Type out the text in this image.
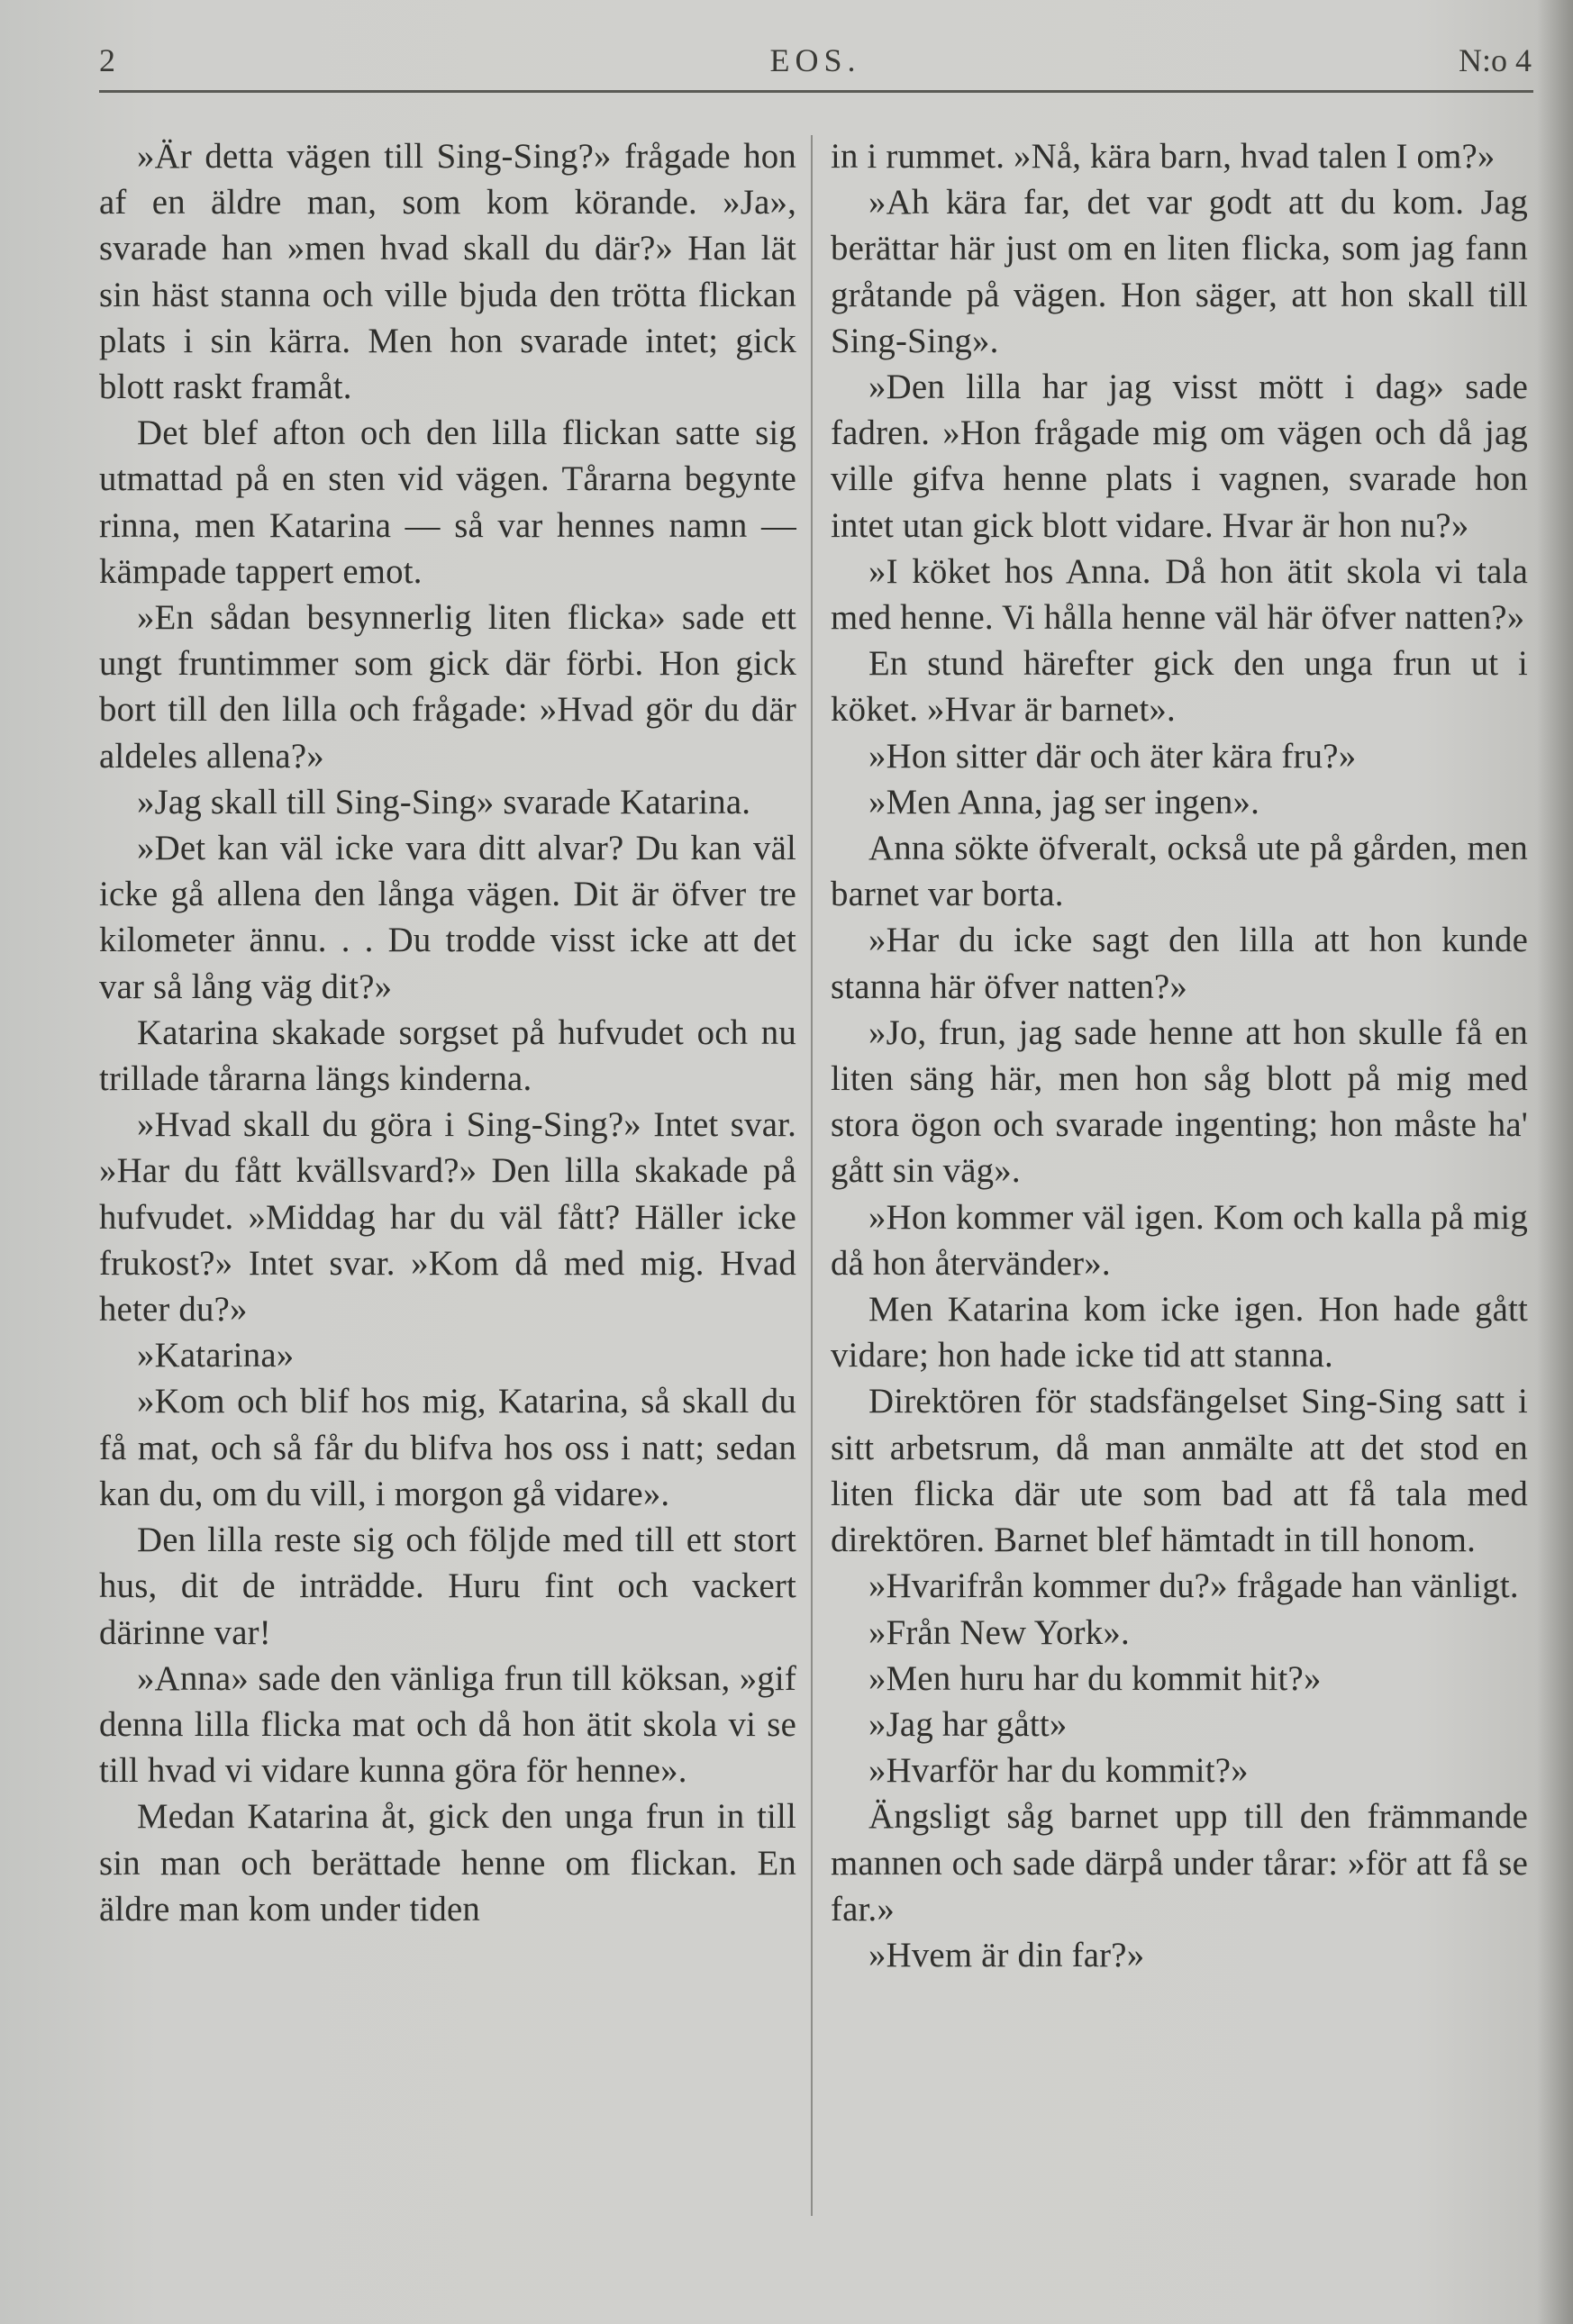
2	EOS.	N:o 4

»Är detta vägen till Sing-Sing?» frågade hon af en äldre man, som kom körande. »Ja», svarade han »men hvad skall du där?» Han lät sin häst stanna och ville bjuda den trötta flickan plats i sin kärra. Men hon svarade intet; gick blott raskt framåt.

Det blef afton och den lilla flickan satte sig utmattad på en sten vid vägen. Tårarna begynte rinna, men Katarina — så var hennes namn — kämpade tappert emot.

»En sådan besynnerlig liten flicka» sade ett ungt fruntimmer som gick där förbi. Hon gick bort till den lilla och frågade: »Hvad gör du där aldeles allena?»

»Jag skall till Sing-Sing» svarade Katarina.

»Det kan väl icke vara ditt alvar? Du kan väl icke gå allena den långa vägen. Dit är öfver tre kilometer ännu. . . Du trodde visst icke att det var så lång väg dit?»

Katarina skakade sorgset på hufvudet och nu trillade tårarna längs kinderna.

»Hvad skall du göra i Sing-Sing?» Intet svar. »Har du fått kvällsvard?» Den lilla skakade på hufvudet. »Middag har du väl fått? Häller icke frukost?» Intet svar. »Kom då med mig. Hvad heter du?»

»Katarina»

»Kom och blif hos mig, Katarina, så skall du få mat, och så får du blifva hos oss i natt; sedan kan du, om du vill, i morgon gå vidare».

Den lilla reste sig och följde med till ett stort hus, dit de inträdde. Huru fint och vackert därinne var!

»Anna» sade den vänliga frun till köksan, »gif denna lilla flicka mat och då hon ätit skola vi se till hvad vi vidare kunna göra för henne».

Medan Katarina åt, gick den unga frun in till sin man och berättade henne om flickan. En äldre man kom under tiden

in i rummet. »Nå, kära barn, hvad talen I om?»

»Ah kära far, det var godt att du kom. Jag berättar här just om en liten flicka, som jag fann gråtande på vägen. Hon säger, att hon skall till Sing-Sing».

»Den lilla har jag visst mött i dag» sade fadren. »Hon frågade mig om vägen och då jag ville gifva henne plats i vagnen, svarade hon intet utan gick blott vidare. Hvar är hon nu?»

»I köket hos Anna. Då hon ätit skola vi tala med henne. Vi hålla henne väl här öfver natten?»

En stund härefter gick den unga frun ut i köket. »Hvar är barnet».

»Hon sitter där och äter kära fru?»

»Men Anna, jag ser ingen».

Anna sökte öfveralt, också ute på gården, men barnet var borta.

»Har du icke sagt den lilla att hon kunde stanna här öfver natten?»

»Jo, frun, jag sade henne att hon skulle få en liten säng här, men hon såg blott på mig med stora ögon och svarade ingenting; hon måste ha' gått sin väg».

»Hon kommer väl igen. Kom och kalla på mig då hon återvänder».

Men Katarina kom icke igen. Hon hade gått vidare; hon hade icke tid att stanna.

Direktören för stadsfängelset Sing-Sing satt i sitt arbetsrum, då man anmälte att det stod en liten flicka där ute som bad att få tala med direktören. Barnet blef hämtadt in till honom.

»Hvarifrån kommer du?» frågade han vänligt.

»Från New York».

»Men huru har du kommit hit?»

»Jag har gått»

»Hvarför har du kommit?»

Ängsligt såg barnet upp till den främmande mannen och sade därpå under tårar: »för att få se far.»

»Hvem är din far?»
